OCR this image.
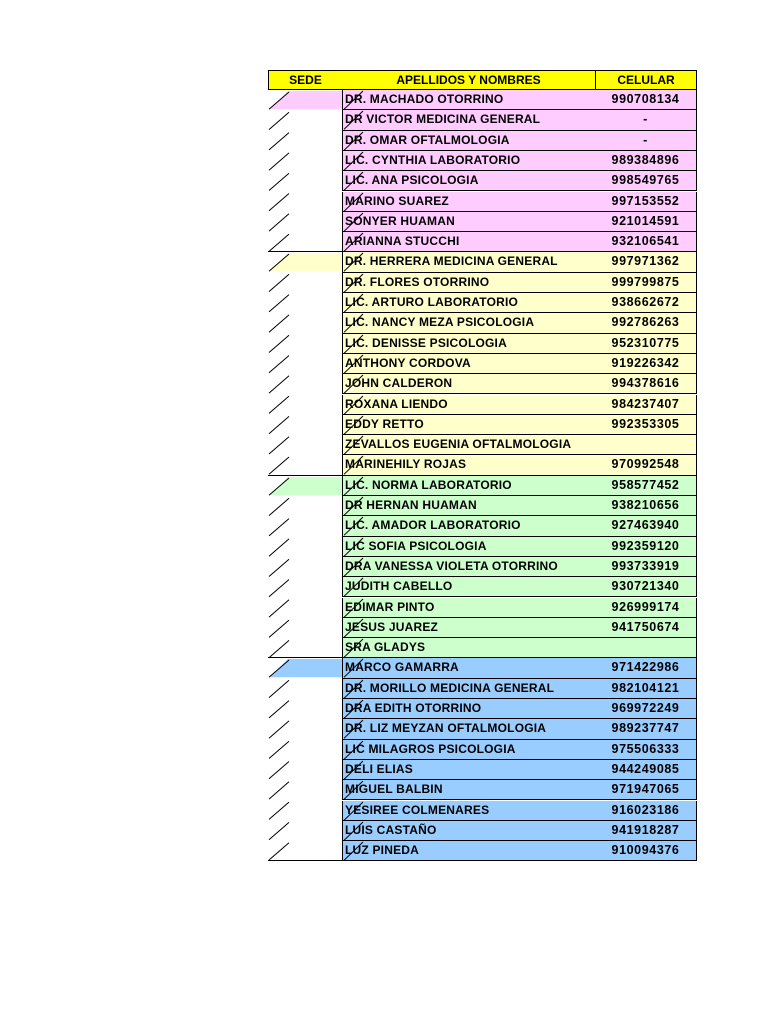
SEDE	APELLIDOS Y NOMBRES	CELULAR
DR. MACHADO OTORRINO	990708134
DR VICTOR MEDICINA GENERAL	-
DR. OMAR OFTALMOLOGIA	-
LIC. CYNTHIA LABORATORIO	989384896
LIC. ANA PSICOLOGIA	998549765
MARINO SUAREZ	997153552
SONYER HUAMAN	921014591
ARIANNA STUCCHI	932106541
DR. HERRERA MEDICINA GENERAL	997971362
DR. FLORES OTORRINO	999799875
LIC. ARTURO LABORATORIO	938662672
LIC. NANCY MEZA PSICOLOGIA	992786263
LIC. DENISSE PSICOLOGIA	952310775
ANTHONY CORDOVA	919226342
JOHN CALDERON	994378616
ROXANA LIENDO	984237407
EDDY RETTO	992353305
ZEVALLOS EUGENIA OFTALMOLOGIA
MARINEHILY ROJAS	970992548
LIC. NORMA LABORATORIO	958577452
DR HERNAN HUAMAN	938210656
LIC. AMADOR LABORATORIO	927463940
LIC SOFIA PSICOLOGIA	992359120
DRA VANESSA VIOLETA OTORRINO	993733919
JUDITH CABELLO	930721340
EDIMAR PINTO	926999174
JESUS JUAREZ	941750674
SRA GLADYS
MARCO GAMARRA	971422986
DR. MORILLO MEDICINA GENERAL	982104121
DRA EDITH OTORRINO	969972249
DR. LIZ MEYZAN OFTALMOLOGIA	989237747
LIC MILAGROS PSICOLOGIA	975506333
DELI ELIAS	944249085
MIGUEL BALBIN	971947065
YESIREE COLMENARES	916023186
LUIS CASTAÑO	941918287
LUZ PINEDA	910094376
